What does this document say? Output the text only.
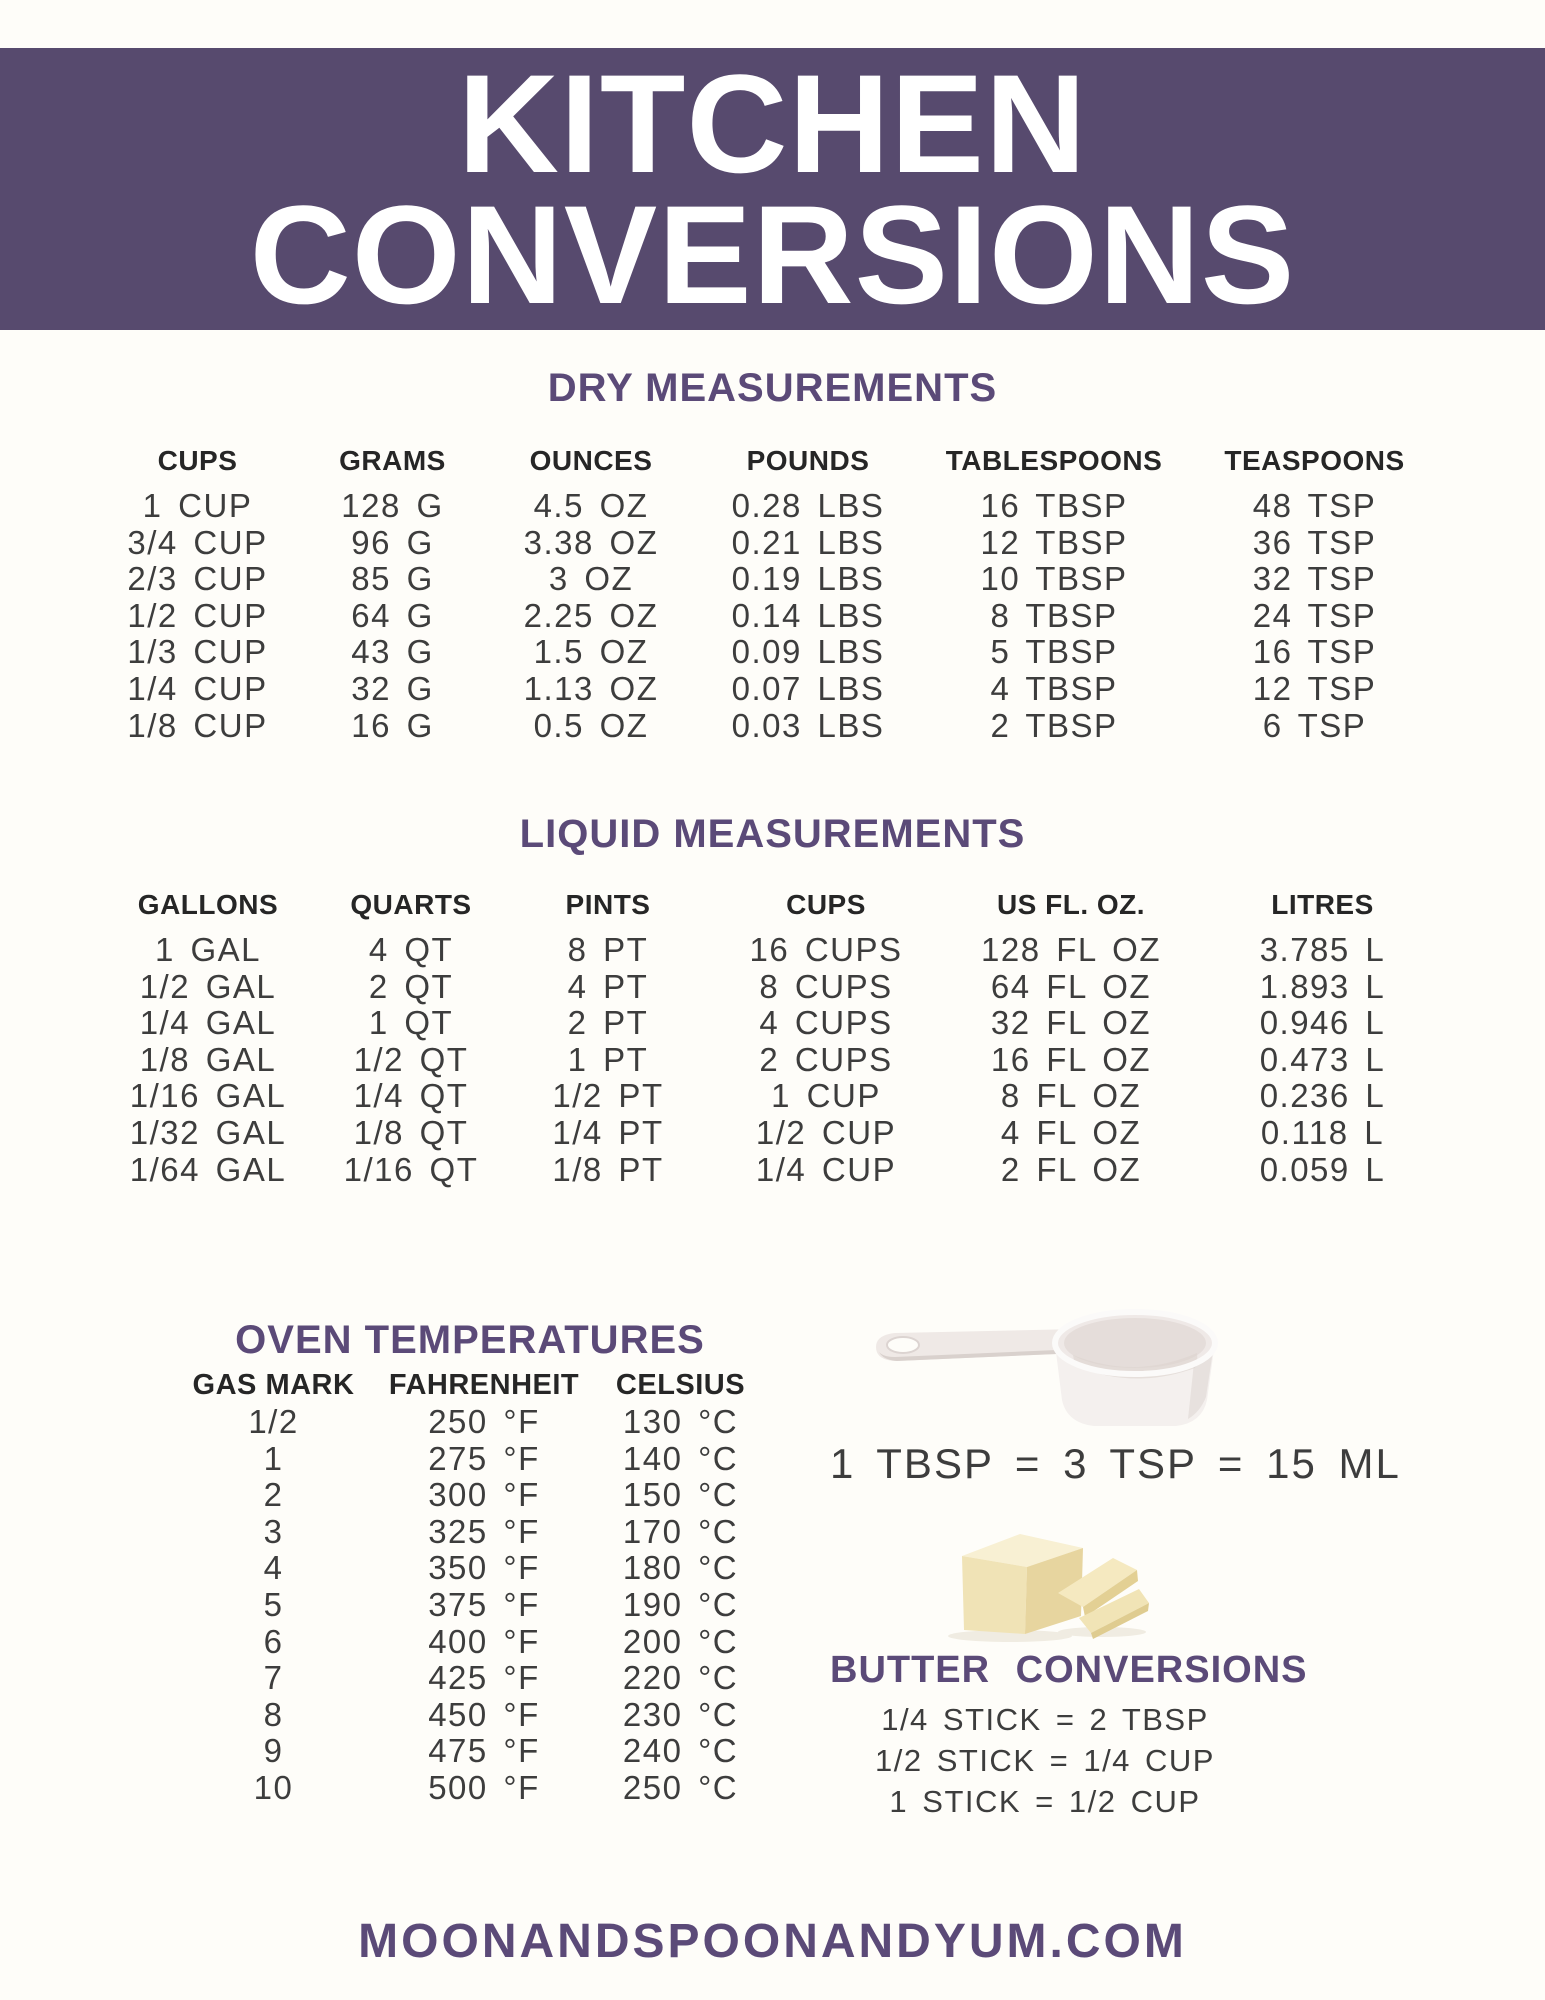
KITCHEN
CONVERSIONS
DRY MEASUREMENTS
CUPS	GRAMS	OUNCES	POUNDS	TABLESPOONS	TEASPOONS
1 CUP	128 G	4.5 OZ	0.28 LBS	16 TBSP	48 TSP
3/4 CUP	96 G	3.38 OZ	0.21 LBS	12 TBSP	36 TSP
2/3 CUP	85 G	3 OZ	0.19 LBS	10 TBSP	32 TSP
1/2 CUP	64 G	2.25 OZ	0.14 LBS	8 TBSP	24 TSP
1/3 CUP	43 G	1.5 OZ	0.09 LBS	5 TBSP	16 TSP
1/4 CUP	32 G	1.13 OZ	0.07 LBS	4 TBSP	12 TSP
1/8 CUP	16 G	0.5 OZ	0.03 LBS	2 TBSP	6 TSP
LIQUID MEASUREMENTS
GALLONS	QUARTS	PINTS	CUPS	US FL. OZ.	LITRES
1 GAL	4 QT	8 PT	16 CUPS	128 FL OZ	3.785 L
1/2 GAL	2 QT	4 PT	8 CUPS	64 FL OZ	1.893 L
1/4 GAL	1 QT	2 PT	4 CUPS	32 FL OZ	0.946 L
1/8 GAL	1/2 QT	1 PT	2 CUPS	16 FL OZ	0.473 L
1/16 GAL	1/4 QT	1/2 PT	1 CUP	8 FL OZ	0.236 L
1/32 GAL	1/8 QT	1/4 PT	1/2 CUP	4 FL OZ	0.118 L
1/64 GAL	1/16 QT	1/8 PT	1/4 CUP	2 FL OZ	0.059 L
OVEN TEMPERATURES
GAS MARK	FAHRENHEIT	CELSIUS
1/2	250 °F	130 °C
1	275 °F	140 °C
2	300 °F	150 °C
3	325 °F	170 °C
4	350 °F	180 °C
5	375 °F	190 °C
6	400 °F	200 °C
7	425 °F	220 °C
8	450 °F	230 °C
9	475 °F	240 °C
10	500 °F	250 °C
1 TBSP = 3 TSP = 15 ML
BUTTER CONVERSIONS
1/4 STICK = 2 TBSP
1/2 STICK = 1/4 CUP
1 STICK = 1/2 CUP
MOONANDSPOONANDYUM.COM
